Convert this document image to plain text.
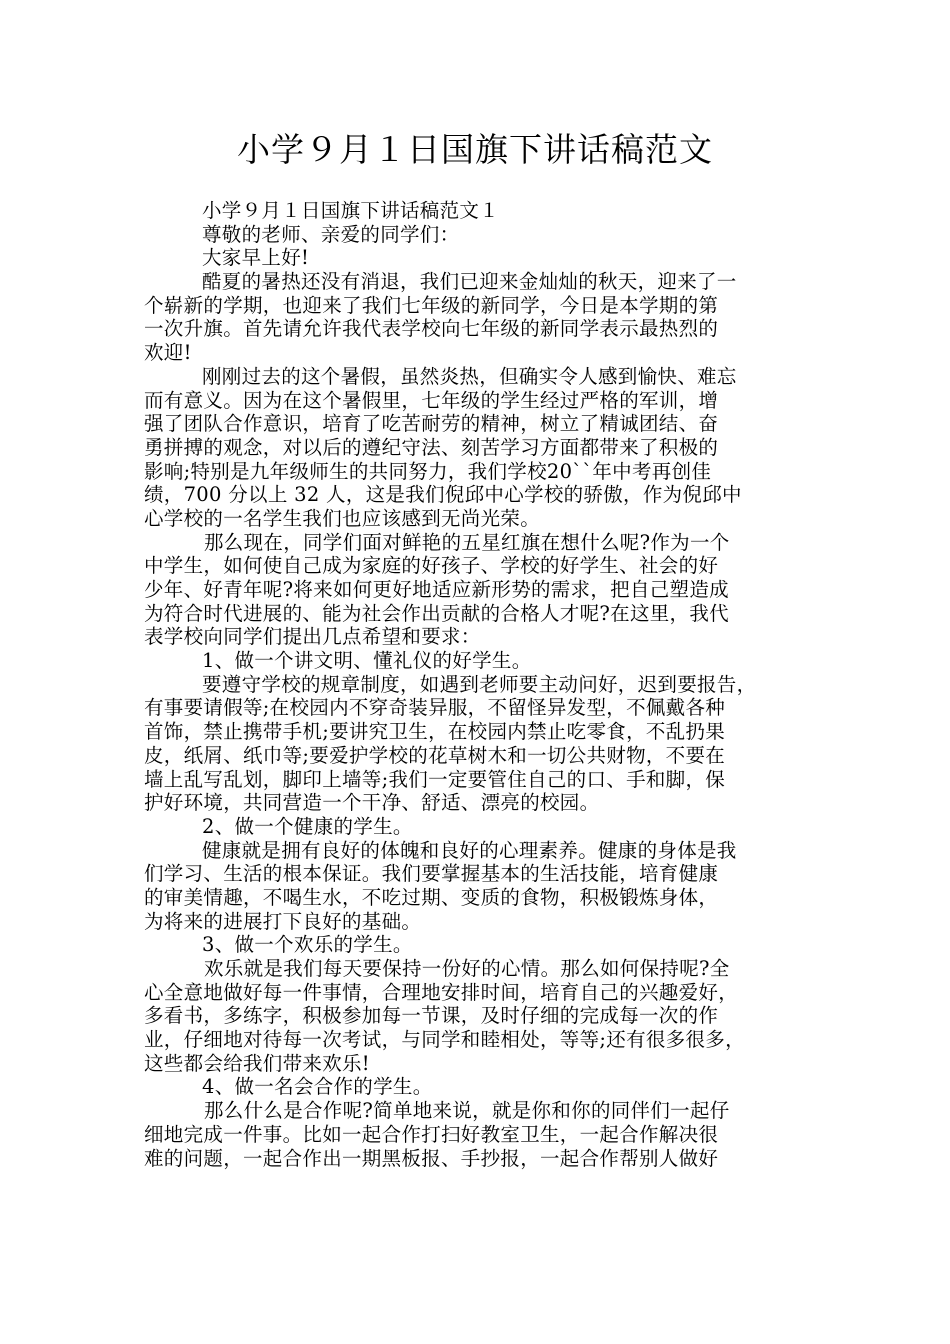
小学９月１日国旗下讲话稿范文
小学９月１日国旗下讲话稿范文１
尊敬的老师、亲爱的同学们：
大家早上好!
酷夏的暑热还没有消退，我们已迎来金灿灿的秋天，迎来了一
个崭新的学期，也迎来了我们七年级的新同学，今日是本学期的第
一次升旗。首先请允许我代表学校向七年级的新同学表示最热烈的
欢迎!
刚刚过去的这个暑假，虽然炎热，但确实令人感到愉快、难忘
而有意义。因为在这个暑假里，七年级的学生经过严格的军训，增
强了团队合作意识，培育了吃苦耐劳的精神，树立了精诚团结、奋
勇拼搏的观念，对以后的遵纪守法、刻苦学习方面都带来了积极的
影响;特别是九年级师生的共同努力，我们学校20``年中考再创佳
绩，700 分以上 32 人，这是我们倪邱中心学校的骄傲，作为倪邱中
心学校的一名学生我们也应该感到无尚光荣。
那么现在，同学们面对鲜艳的五星红旗在想什么呢?作为一个
中学生，如何使自己成为家庭的好孩子、学校的好学生、社会的好
少年、好青年呢?将来如何更好地适应新形势的需求，把自己塑造成
为符合时代进展的、能为社会作出贡献的合格人才呢?在这里，我代
表学校向同学们提出几点希望和要求：
1、做一个讲文明、懂礼仪的好学生。
要遵守学校的规章制度，如遇到老师要主动问好，迟到要报告，
有事要请假等;在校园内不穿奇装异服，不留怪异发型，不佩戴各种
首饰，禁止携带手机;要讲究卫生，在校园内禁止吃零食，不乱扔果
皮，纸屑、纸巾等;要爱护学校的花草树木和一切公共财物，不要在
墙上乱写乱划，脚印上墙等;我们一定要管住自己的口、手和脚，保
护好环境，共同营造一个干净、舒适、漂亮的校园。
2、做一个健康的学生。
健康就是拥有良好的体魄和良好的心理素养。健康的身体是我
们学习、生活的根本保证。我们要掌握基本的生活技能，培育健康
的审美情趣，不喝生水，不吃过期、变质的食物，积极锻炼身体，
为将来的进展打下良好的基础。
3、做一个欢乐的学生。
欢乐就是我们每天要保持一份好的心情。那么如何保持呢?全
心全意地做好每一件事情，合理地安排时间，培育自己的兴趣爱好，
多看书，多练字，积极参加每一节课，及时仔细的完成每一次的作
业，仔细地对待每一次考试，与同学和睦相处，等等;还有很多很多，
这些都会给我们带来欢乐!
4、做一名会合作的学生。
那么什么是合作呢?简单地来说，就是你和你的同伴们一起仔
细地完成一件事。比如一起合作打扫好教室卫生，一起合作解决很
难的问题，一起合作出一期黑板报、手抄报，一起合作帮别人做好
